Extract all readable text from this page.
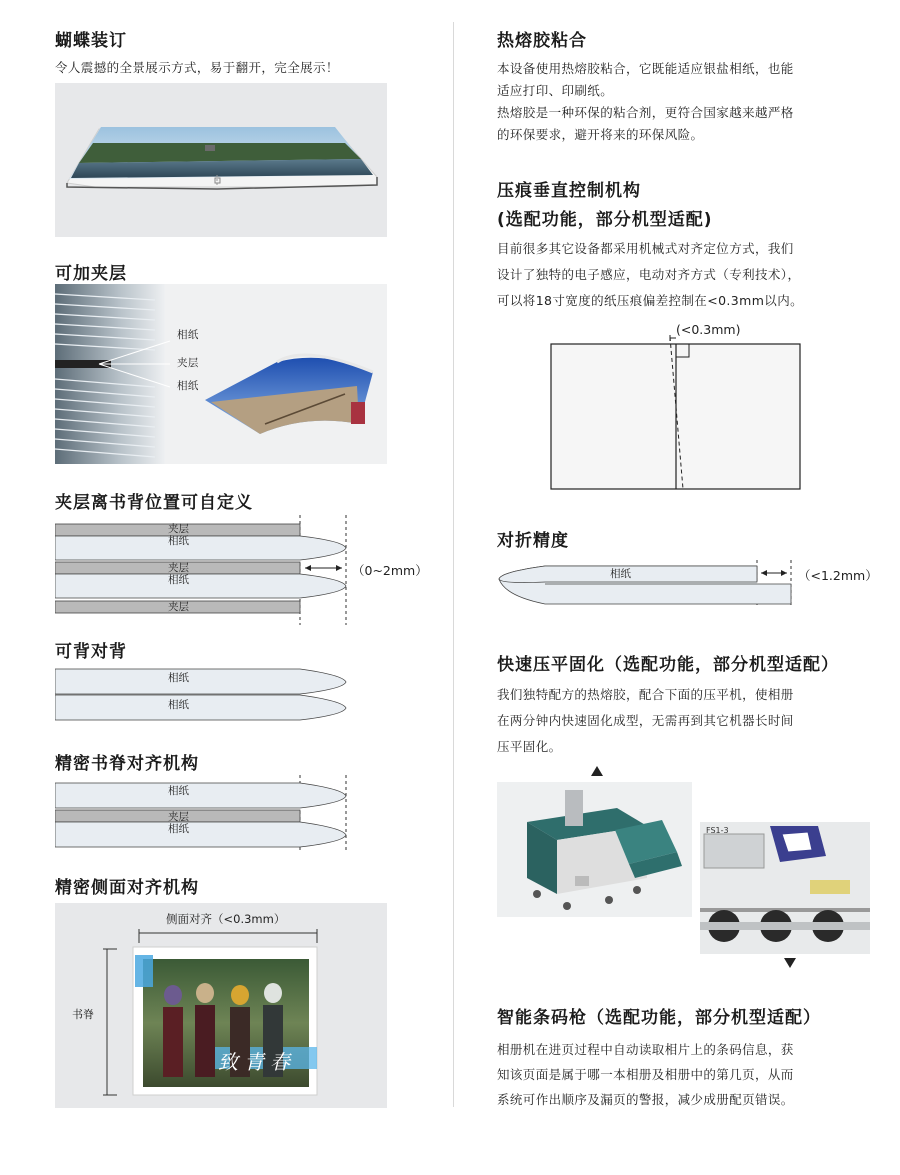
蝴蝶装订
令人震撼的全景展示方式，易于翻开，完全展示！
可加夹层
相纸
夹层
相纸
夹层离书背位置可自定义
夹层
相纸
夹层
相纸
夹层
（0~2mm）
可背对背
相纸
相纸
精密书脊对齐机构
相纸
夹层
相纸
精密侧面对齐机构
侧面对齐（<0.3mm）
书脊
致青春
热熔胶粘合
本设备使用热熔胶粘合，它既能适应银盐相纸，也能
适应打印、印刷纸。
热熔胶是一种环保的粘合剂，更符合国家越来越严格
的环保要求，避开将来的环保风险。
压痕垂直控制机构
(选配功能，部分机型适配)
目前很多其它设备都采用机械式对齐定位方式，我们
设计了独特的电子感应，电动对齐方式（专利技术），
可以将18寸宽度的纸压痕偏差控制在<0.3mm以内。
(<0.3mm)
对折精度
相纸	（<1.2mm）
快速压平固化（选配功能，部分机型适配）
我们独特配方的热熔胶，配合下面的压平机，使相册
在两分钟内快速固化成型，无需再到其它机器长时间
压平固化。
FS1-3
智能条码枪（选配功能，部分机型适配）
相册机在进页过程中自动读取相片上的条码信息，获
知该页面是属于哪一本相册及相册中的第几页，从而
系统可作出顺序及漏页的警报，减少成册配页错误。
